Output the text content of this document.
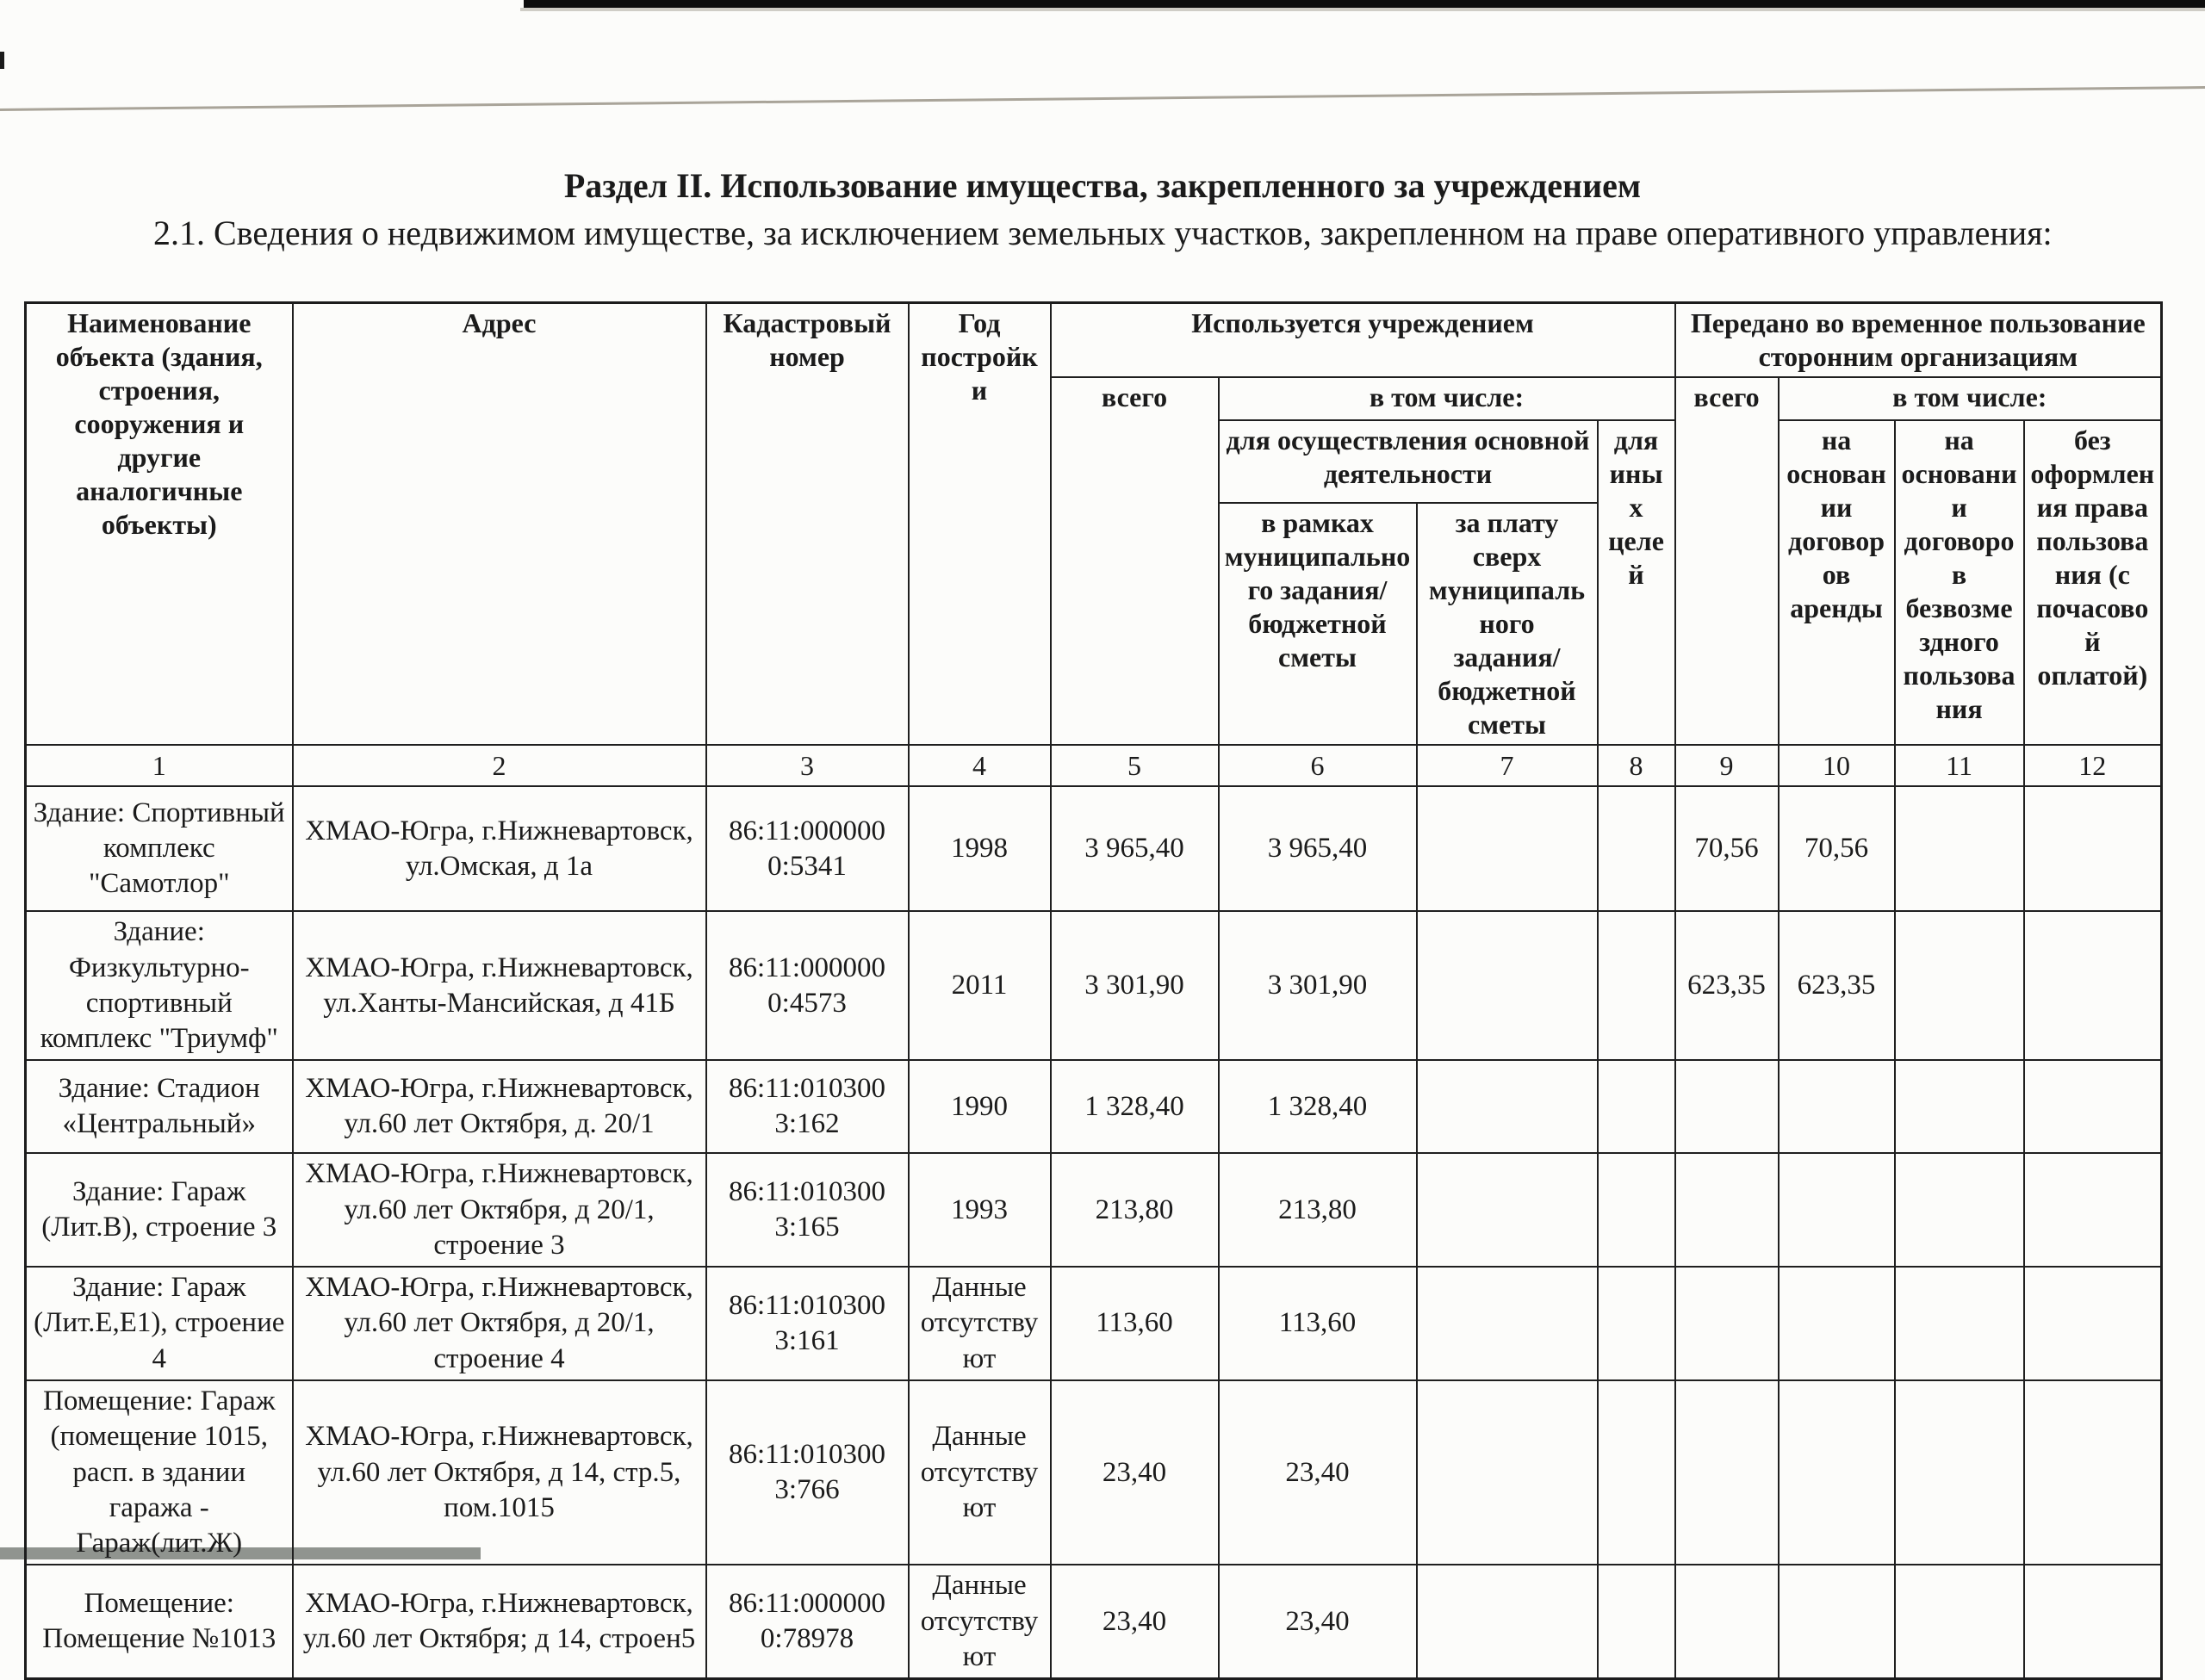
Раздел II. Использование имущества, закрепленного за учреждением
2.1. Сведения о недвижимом имуществе, за исключением земельных участков, закрепленном на праве оперативного управления:
Наименование объекта (здания, строения, сооружения и другие аналогичные объекты)	Адрес	Кадастровый номер	Год постройки	Используется учреждением				Передано во временное пользование сторонним организациям			
				всего	в том числе:			всего	в том числе:		
					для осуществления основной деятельности		для иных целей		на основании договоров аренды	на основании договоров безвозмездного пользования	без оформления права пользования (с почасовой оплатой)
					в рамках муниципального задания/бюджетной сметы	за плату сверх муниципального задания/бюджетной сметы					
1	2	3	4	5	6	7	8	9	10	11	12
Здание: Спортивный комплекс "Самотлор"	ХМАО-Югра, г.Нижневартовск, ул.Омская, д 1а	86:11:000000 0:5341	1998	3 965,40	3 965,40			70,56	70,56		
Здание: Физкультурно-спортивный комплекс "Триумф"	ХМАО-Югра, г.Нижневартовск, ул.Ханты-Мансийская, д 41Б	86:11:000000 0:4573	2011	3 301,90	3 301,90			623,35	623,35		
Здание: Стадион «Центральный»	ХМАО-Югра, г.Нижневартовск, ул.60 лет Октября, д. 20/1	86:11:010300 3:162	1990	1 328,40	1 328,40						
Здание: Гараж (Лит.В), строение 3	ХМАО-Югра, г.Нижневартовск, ул.60 лет Октября, д 20/1, строение 3	86:11:010300 3:165	1993	213,80	213,80						
Здание: Гараж (Лит.Е,Е1), строение 4	ХМАО-Югра, г.Нижневартовск, ул.60 лет Октября, д 20/1, строение 4	86:11:010300 3:161	Данные отсутствуют	113,60	113,60						
Помещение: Гараж (помещение 1015, расп. в здании гаража - Гараж(лит.Ж)	ХМАО-Югра, г.Нижневартовск, ул.60 лет Октября, д 14, стр.5, пом.1015	86:11:010300 3:766	Данные отсутствуют	23,40	23,40						
Помещение: Помещение №1013	ХМАО-Югра, г.Нижневартовск, ул.60 лет Октября; д 14, строен5	86:11:000000 0:78978	Данные отсутствуют	23,40	23,40						
